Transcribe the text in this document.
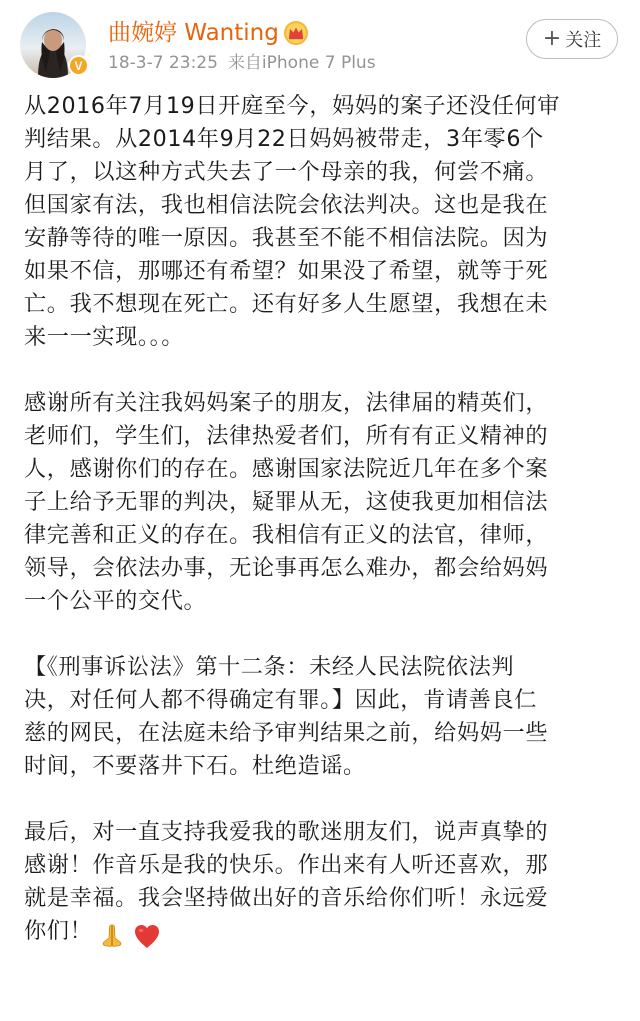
V
曲婉婷 Wanting
18-3-7 23:25 来自iPhone 7 Plus
+ 关注

从2016年7月19日开庭至今，妈妈的案子还没任何审
判结果。从2014年9月22日妈妈被带走，3年零6个
月了，以这种方式失去了一个母亲的我，何尝不痛。
但国家有法，我也相信法院会依法判决。这也是我在
安静等待的唯一原因。我甚至不能不相信法院。因为
如果不信，那哪还有希望？如果没了希望，就等于死
亡。我不想现在死亡。还有好多人生愿望，我想在未
来一一实现。。。

感谢所有关注我妈妈案子的朋友，法律届的精英们，
老师们，学生们，法律热爱者们，所有有正义精神的
人，感谢你们的存在。感谢国家法院近几年在多个案
子上给予无罪的判决，疑罪从无，这使我更加相信法
律完善和正义的存在。我相信有正义的法官，律师，
领导，会依法办事，无论事再怎么难办，都会给妈妈
一个公平的交代。

【《刑事诉讼法》第十二条：未经人民法院依法判
决，对任何人都不得确定有罪。】因此，肯请善良仁
慈的网民，在法庭未给予审判结果之前，给妈妈一些
时间，不要落井下石。杜绝造谣。

最后，对一直支持我爱我的歌迷朋友们，说声真挚的
感谢！作音乐是我的快乐。作出来有人听还喜欢，那
就是幸福。我会坚持做出好的音乐给你们听！永远爱
你们！
